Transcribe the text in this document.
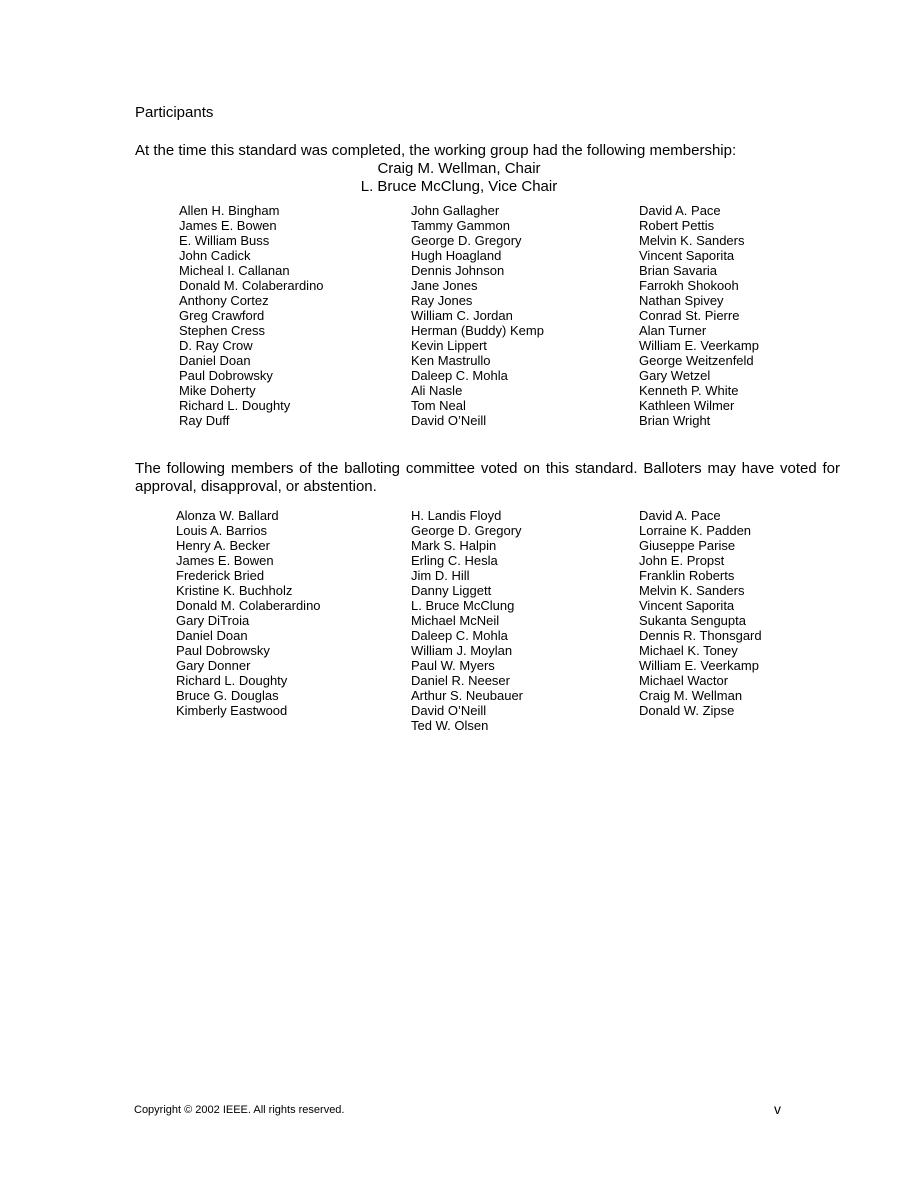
Participants

At the time this standard was completed, the working group had the following membership:

Craig M. Wellman, Chair
L. Bruce McClung, Vice Chair
Allen H. Bingham
James E. Bowen
E. William Buss
John Cadick
Micheal I. Callanan
Donald M. Colaberardino
Anthony Cortez
Greg Crawford
Stephen Cress
D. Ray Crow
Daniel Doan
Paul Dobrowsky
Mike Doherty
Richard L. Doughty
Ray Duff
John Gallagher
Tammy Gammon
George D. Gregory
Hugh Hoagland
Dennis Johnson
Jane Jones
Ray Jones
William C. Jordan
Herman (Buddy) Kemp
Kevin Lippert
Ken Mastrullo
Daleep C. Mohla
Ali Nasle
Tom Neal
David O’Neill
David A. Pace
Robert Pettis
Melvin K. Sanders
Vincent Saporita
Brian Savaria
Farrokh Shokooh
Nathan Spivey
Conrad St. Pierre
Alan Turner
William E. Veerkamp
George Weitzenfeld
Gary Wetzel
Kenneth P. White
Kathleen Wilmer
Brian Wright

The following members of the balloting committee voted on this standard. Balloters may have voted for approval, disapproval, or abstention.

Alonza W. Ballard
Louis A. Barrios
Henry A. Becker
James E. Bowen
Frederick Bried
Kristine K. Buchholz
Donald M. Colaberardino
Gary DiTroia
Daniel Doan
Paul Dobrowsky
Gary Donner
Richard L. Doughty
Bruce G. Douglas
Kimberly Eastwood
H. Landis Floyd
George D. Gregory
Mark S. Halpin
Erling C. Hesla
Jim D. Hill
Danny Liggett
L. Bruce McClung
Michael McNeil
Daleep C. Mohla
William J. Moylan
Paul W. Myers
Daniel R. Neeser
Arthur S. Neubauer
David O’Neill
Ted W. Olsen
David A. Pace
Lorraine K. Padden
Giuseppe Parise
John E. Propst
Franklin Roberts
Melvin K. Sanders
Vincent Saporita
Sukanta Sengupta
Dennis R. Thonsgard
Michael K. Toney
William E. Veerkamp
Michael Wactor
Craig M. Wellman
Donald W. Zipse
Copyright © 2002 IEEE. All rights reserved.	v
